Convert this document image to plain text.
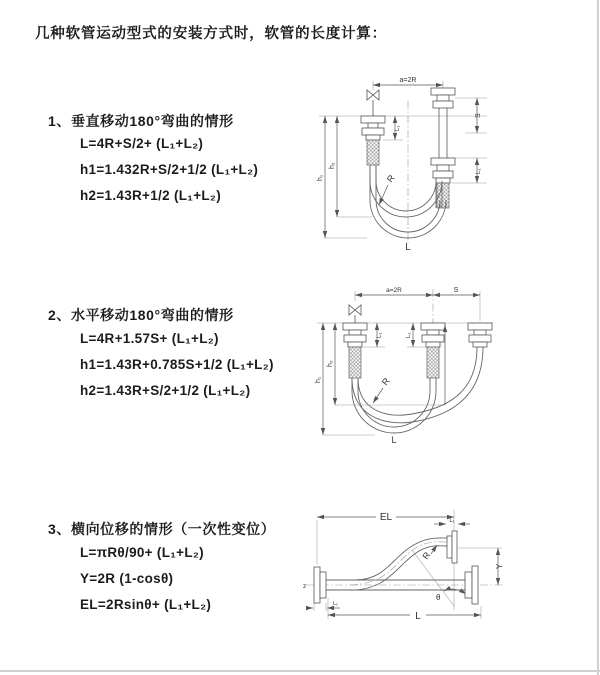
几种软管运动型式的安装方式时，软管的长度计算：
1、垂直移动180°弯曲的情形
L=4R+S/2+ (L₁+L₂)
h1=1.432R+S/2+1/2 (L₁+L₂)
h2=1.43R+1/2 (L₁+L₂)
2、水平移动180°弯曲的情形
L=4R+1.57S+ (L₁+L₂)
h1=1.43R+0.785S+1/2 (L₁+L₂)
h2=1.43R+S/2+1/2 (L₁+L₂)
3、横向位移的情形（一次性变位）
L=πRθ/90+ (L₁+L₂)
Y=2R (1-cosθ)
EL=2Rsinθ+ (L₁+L₂)
a=2R
R
h₁
h₂
L₁
S
L₁
L
a=2R	S
R
h₁
h₂
L₁	L₁
L
z
θ
R
EL	L₁
Y
L₁
L
